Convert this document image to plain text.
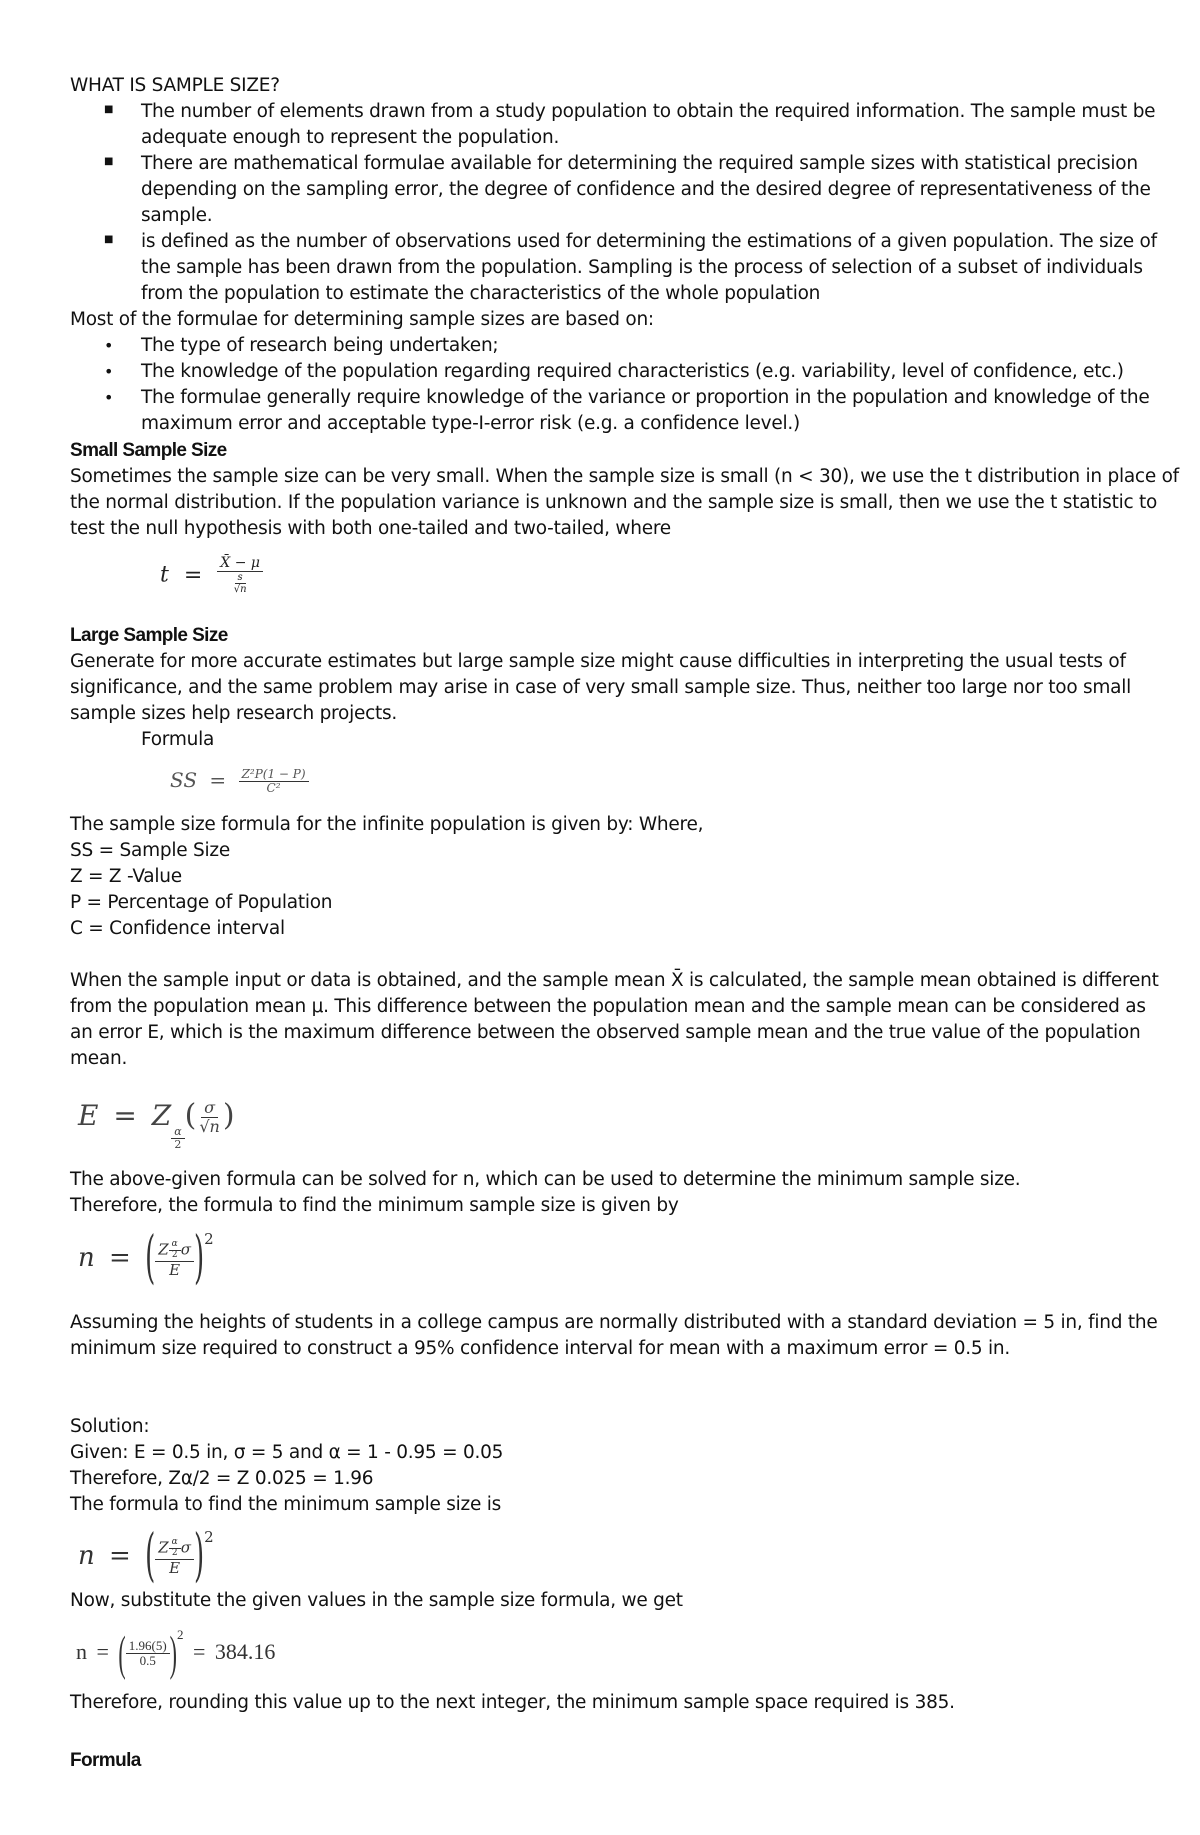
WHAT IS SAMPLE SIZE?
■ The number of elements drawn from a study population to obtain the required information. The sample must be
adequate enough to represent the population.
■ There are mathematical formulae available for determining the required sample sizes with statistical precision
depending on the sampling error, the degree of confidence and the desired degree of representativeness of the
sample.
■ is defined as the number of observations used for determining the estimations of a given population. The size of
the sample has been drawn from the population. Sampling is the process of selection of a subset of individuals
from the population to estimate the characteristics of the whole population
Most of the formulae for determining sample sizes are based on:
• The type of research being undertaken;
• The knowledge of the population regarding required characteristics (e.g. variability, level of confidence, etc.)
• The formulae generally require knowledge of the variance or proportion in the population and knowledge of the
maximum error and acceptable type-I-error risk (e.g. a confidence level.)
Small Sample Size
Sometimes the sample size can be very small. When the sample size is small (n < 30), we use the t distribution in place of
the normal distribution. If the population variance is unknown and the sample size is small, then we use the t statistic to
test the null hypothesis with both one-tailed and two-tailed, where
$t = \frac{X̄ - \mu}{\frac{s}{√n}}$
Large Sample Size
Generate for more accurate estimates but large sample size might cause difficulties in interpreting the usual tests of
significance, and the same problem may arise in case of very small sample size. Thus, neither too large nor too small
sample sizes help research projects.
Formula
SS = $\frac{\text{Z²P(1 − P)}}{\text{C²}}$
The sample size formula for the infinite population is given by: Where,
SS = Sample Size
Z = Z -Value
P = Percentage of Population
C = Confidence interval
When the sample input or data is obtained, and the sample mean X̄ is calculated, the sample mean obtained is different
from the population mean μ. This difference between the population mean and the sample mean can be considered as
an error E, which is the maximum difference between the observed sample mean and the true value of the population
mean.
E = Z
$\frac{\alpha}{2}$
( $\frac{\sigma}{√n}$ )
The above-given formula can be solved for n, which can be used to determine the minimum sample size.
Therefore, the formula to find the minimum sample size is given by
n = ( $\frac{Z \frac{\alpha}{2} \sigma}{E} )^2$
Assuming the heights of students in a college campus are normally distributed with a standard deviation = 5 in, find the
minimum size required to construct a 95% confidence interval for mean with a maximum error = 0.5 in.
Solution:
Given: E = 0.5 in, σ = 5 and α = 1 - 0.95 = 0.05
Therefore, Zα/2 = Z 0.025 = 1.96
The formula to find the minimum sample size is
n = ( $\frac{Z \frac{\alpha}{2} \sigma}{E} )^2$
Now, substitute the given values in the sample size formula, we get
n = ( $\frac{1.96(5)}{0.5} )^2 = 384.16$
Therefore, rounding this value up to the next integer, the minimum sample space required is 385.
Formula
